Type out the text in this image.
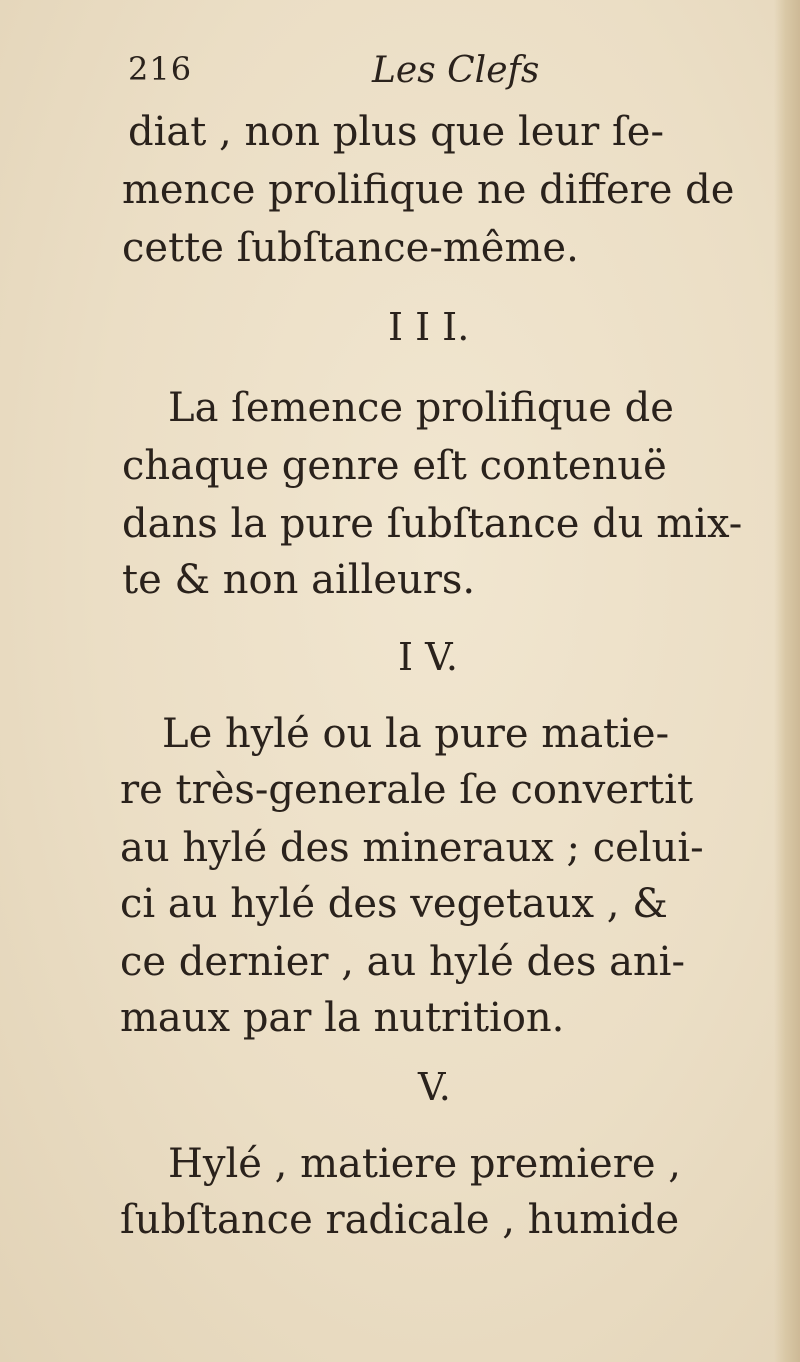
216	Les Clefs
diat , non plus que leur ſe-
mence prolifique ne differe de
cette ſubſtance-même.
I I I.
La ſemence prolifique de
chaque genre eſt contenuë
dans la pure ſubſtance du mix-
te & non ailleurs.
I V.
Le hylé ou la pure matie-
re très-generale ſe convertit
au hylé des mineraux ; celui-
ci au hylé des vegetaux , &
ce dernier , au hylé des ani-
maux par la nutrition.
V.
Hylé , matiere premiere ,
ſubſtance radicale , humide
